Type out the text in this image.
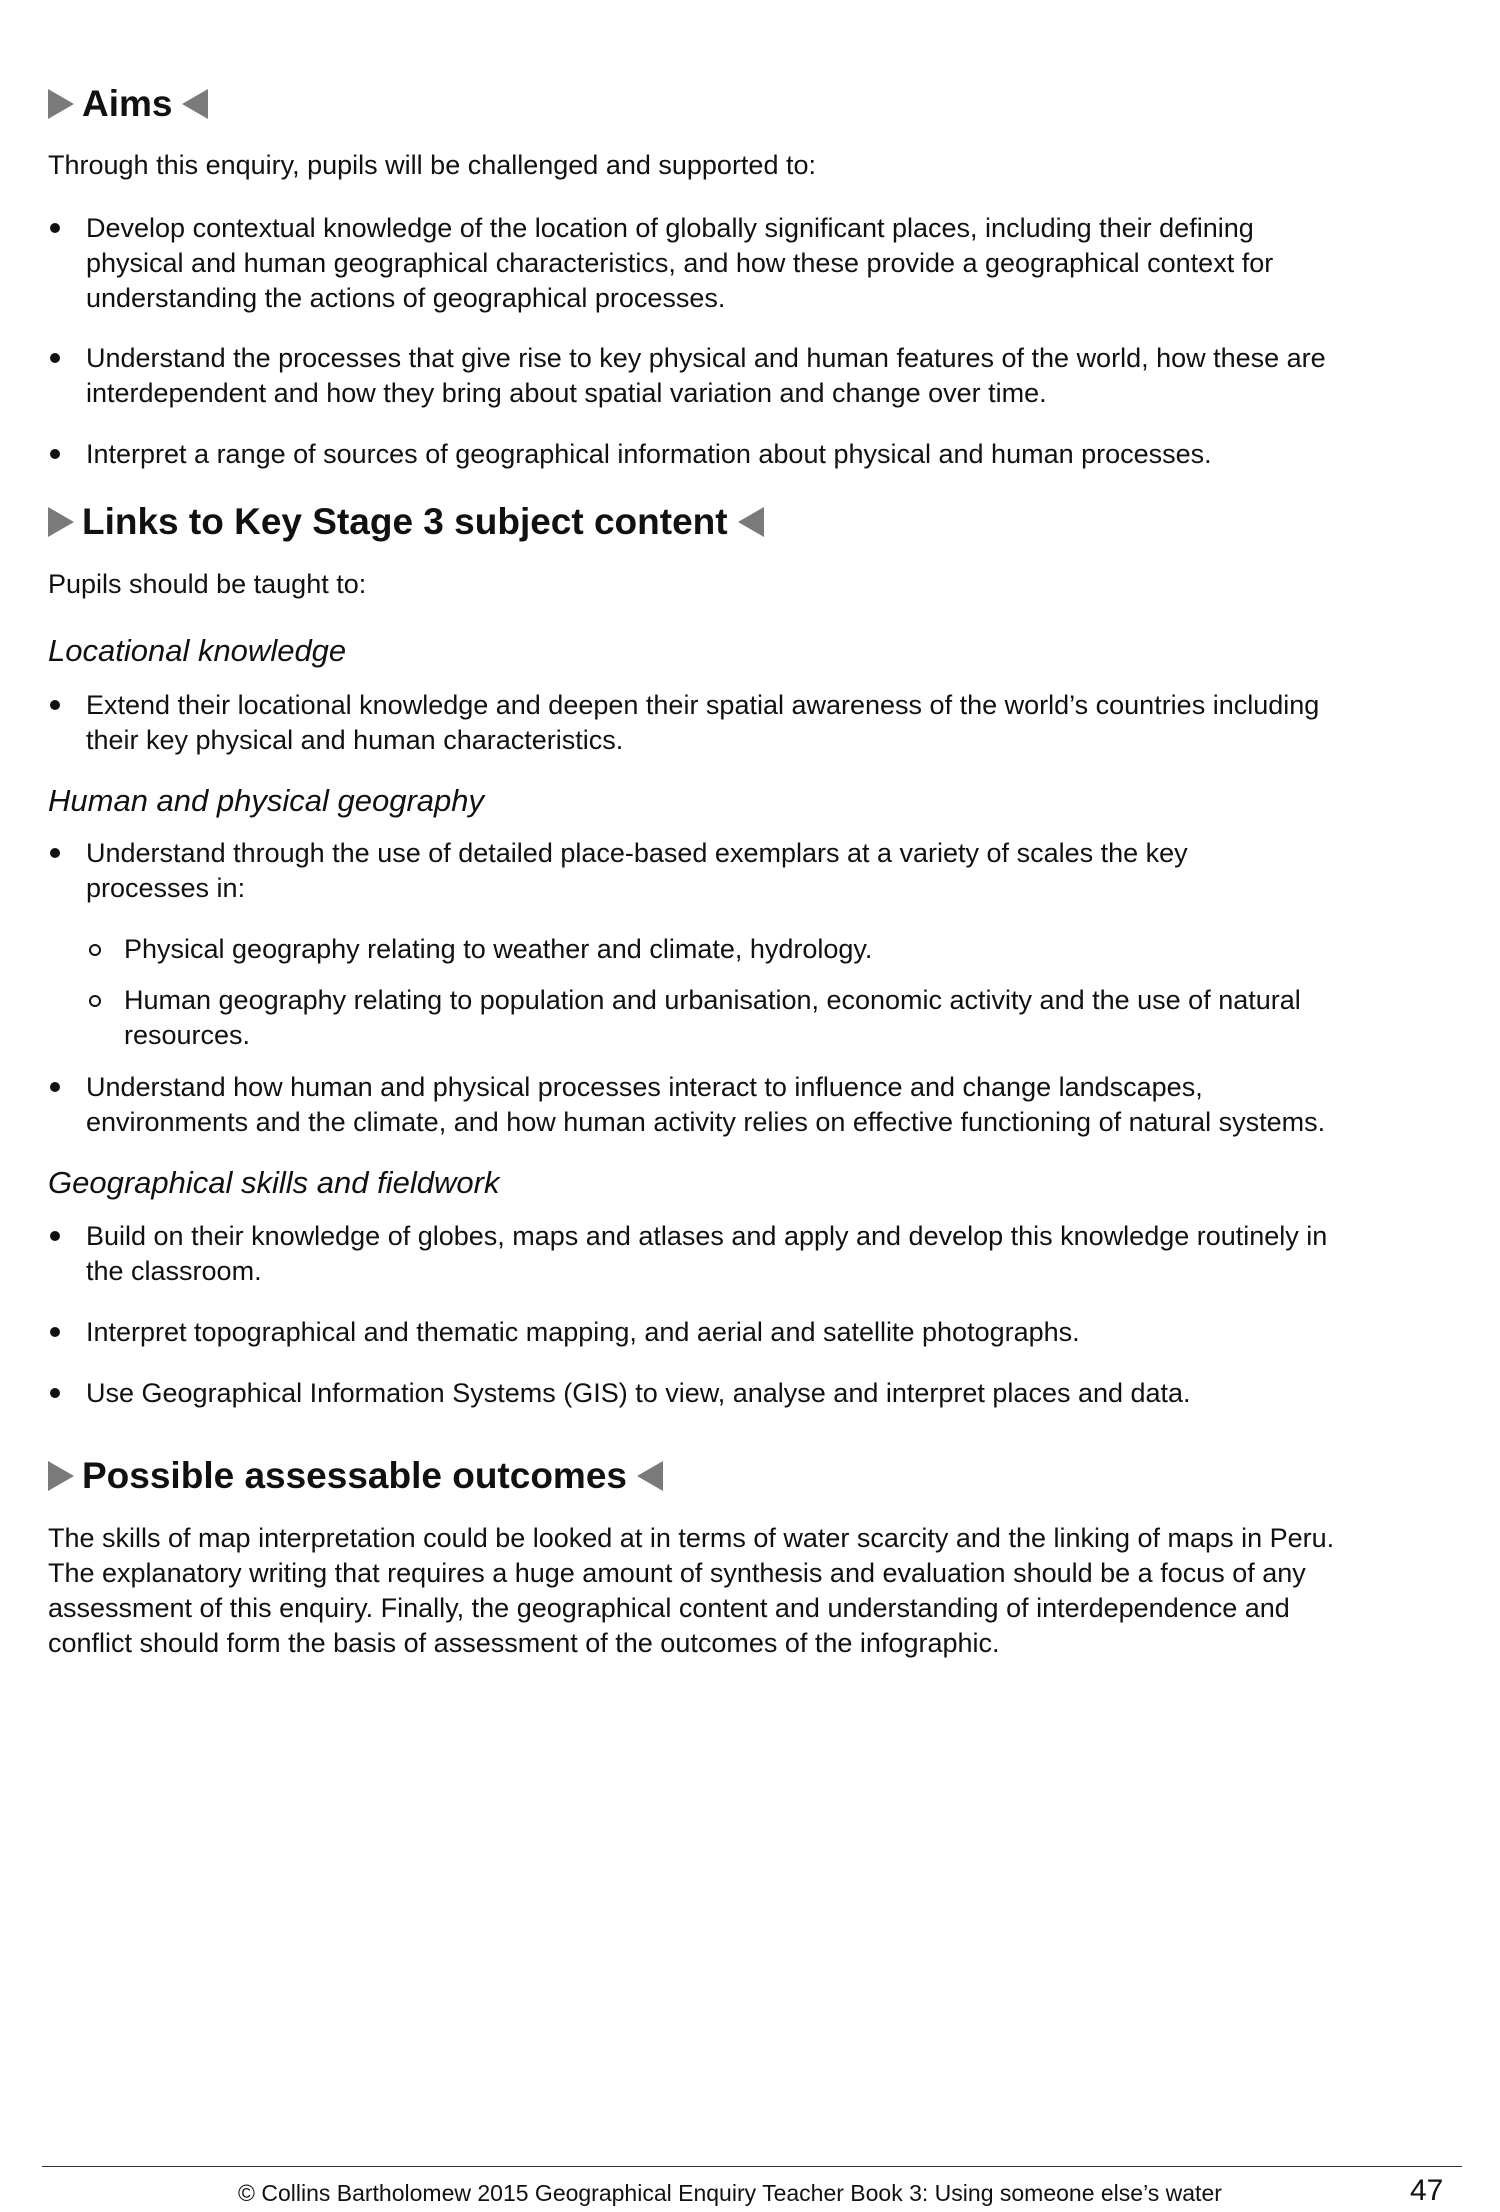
Aims
Through this enquiry, pupils will be challenged and supported to:
Develop contextual knowledge of the location of globally significant places, including their defining
physical and human geographical characteristics, and how these provide a geographical context for
understanding the actions of geographical processes.
Understand the processes that give rise to key physical and human features of the world, how these are
interdependent and how they bring about spatial variation and change over time.
Interpret a range of sources of geographical information about physical and human processes.
Links to Key Stage 3 subject content
Pupils should be taught to:
Locational knowledge
Extend their locational knowledge and deepen their spatial awareness of the world’s countries including
their key physical and human characteristics.
Human and physical geography
Understand through the use of detailed place-based exemplars at a variety of scales the key
processes in:
Physical geography relating to weather and climate, hydrology.
Human geography relating to population and urbanisation, economic activity and the use of natural
resources.
Understand how human and physical processes interact to influence and change landscapes,
environments and the climate, and how human activity relies on effective functioning of natural systems.
Geographical skills and fieldwork
Build on their knowledge of globes, maps and atlases and apply and develop this knowledge routinely in
the classroom.
Interpret topographical and thematic mapping, and aerial and satellite photographs.
Use Geographical Information Systems (GIS) to view, analyse and interpret places and data.
Possible assessable outcomes
The skills of map interpretation could be looked at in terms of water scarcity and the linking of maps in Peru.
The explanatory writing that requires a huge amount of synthesis and evaluation should be a focus of any
assessment of this enquiry. Finally, the geographical content and understanding of interdependence and
conflict should form the basis of assessment of the outcomes of the infographic.
© Collins Bartholomew 2015 Geographical Enquiry Teacher Book 3: Using someone else’s water	47
